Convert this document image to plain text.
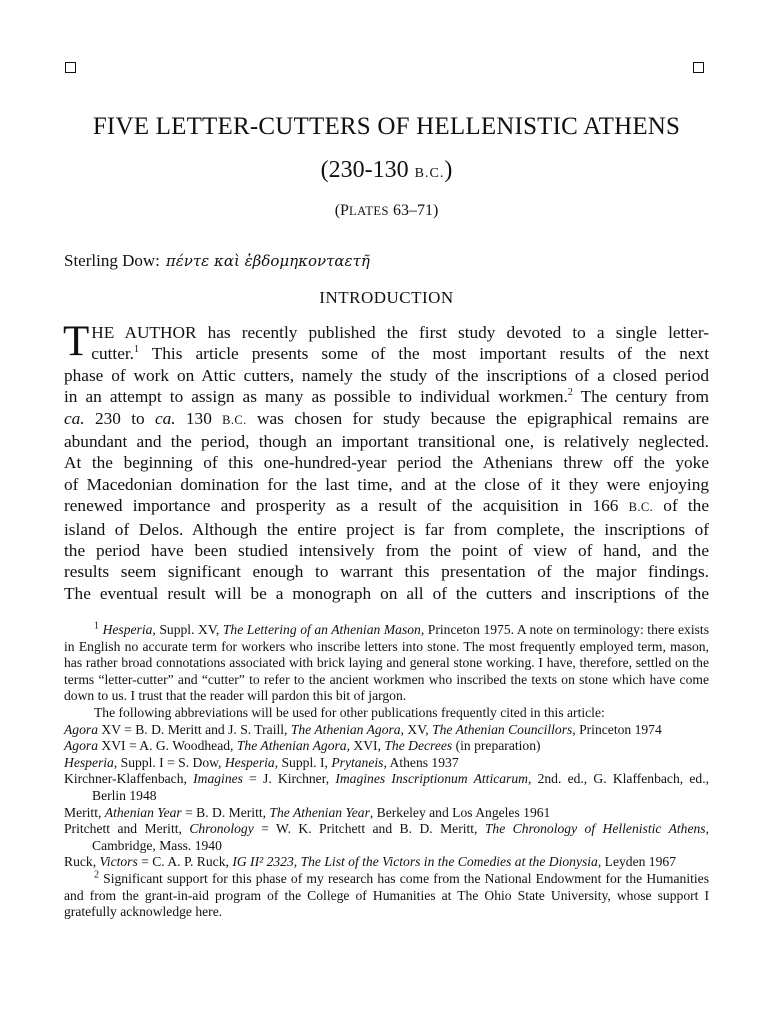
FIVE LETTER-CUTTERS OF HELLENISTIC ATHENS
(230-130 B.C.)
(PLATES 63–71)
Sterling Dow: πέντε καὶ ἑβδομηκονταετῆ
INTRODUCTION
T HE AUTHOR has recently published the first study devoted to a single letter-
cutter.$^1$ This article presents some of the most important results of the next
phase of work on Attic cutters, namely the study of the inscriptions of a closed period
in an attempt to assign as many as possible to individual workmen.$^2$ The century from
ca. 230 to ca. 130 B.C. was chosen for study because the epigraphical remains are
abundant and the period, though an important transitional one, is relatively neglected.
At the beginning of this one-hundred-year period the Athenians threw off the yoke
of Macedonian domination for the last time, and at the close of it they were enjoying
renewed importance and prosperity as a result of the acquisition in 166 B.C. of the
island of Delos. Although the entire project is far from complete, the inscriptions of
the period have been studied intensively from the point of view of hand, and the
results seem significant enough to warrant this presentation of the major findings.
The eventual result will be a monograph on all of the cutters and inscriptions of the

$^1$ Hesperia, Suppl. XV, The Lettering of an Athenian Mason, Princeton 1975. A note on terminology: there exists in English no accurate term for workers who inscribe letters into stone. The most frequently employed term, mason, has rather broad connotations associated with brick laying and general stone working. I have, therefore, settled on the terms “letter-cutter” and “cutter” to refer to the ancient workmen who inscribed the texts on stone which have come down to us. I trust that the reader will pardon this bit of jargon.

The following abbreviations will be used for other publications frequently cited in this article:

Agora XV = B. D. Meritt and J. S. Traill, The Athenian Agora, XV, The Athenian Councillors, Princeton 1974

Agora XVI = A. G. Woodhead, The Athenian Agora, XVI, The Decrees (in preparation)

Hesperia, Suppl. I = S. Dow, Hesperia, Suppl. I, Prytaneis, Athens 1937

Kirchner-Klaffenbach, Imagines = J. Kirchner, Imagines Inscriptionum Atticarum, 2nd. ed., G. Klaffenbach, ed., Berlin 1948

Meritt, Athenian Year = B. D. Meritt, The Athenian Year, Berkeley and Los Angeles 1961

Pritchett and Meritt, Chronology = W. K. Pritchett and B. D. Meritt, The Chronology of Hellenistic Athens, Cambridge, Mass. 1940

Ruck, Victors = C. A. P. Ruck, IG II² 2323, The List of the Victors in the Comedies at the Dionysia, Leyden 1967

$^2$ Significant support for this phase of my research has come from the National Endowment for the Humanities and from the grant-in-aid program of the College of Humanities at The Ohio State University, whose support I gratefully acknowledge here.
